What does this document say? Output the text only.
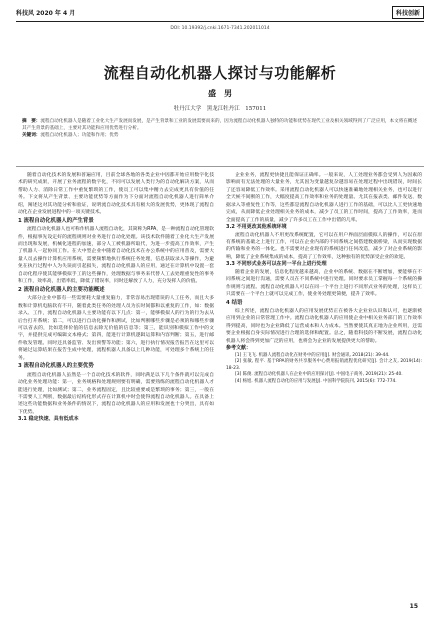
科技风 2020 年 4 月	科技创新
DOI: 10.19392/j.cnki.1671-7341.202011014
流程自动化机器人探讨与功能解析
盛　男
牡丹江大学　黑龙江牡丹江　157011
摘　要：流程自动化机器人是随着工业化大生产发展而发展，是产生背景和工业的发展需要而来的，因为流程自动化机器人独特的功能和优势在现代工业及相关领域得到了广泛应用，本文将在概述其产生背景的基础上，主要对其功能和应用优势进行分析。
关键词：流程自动化机器人；功能和作用；优势

随着自动化技术的发展和普遍应用，目前全球各地的各类企业中因都开始应用数字化技术的研究成果，开展了业务流程的数字化，不同可以发展人类行为的自动化解决方案，从而帮助人力、消除日常工作中重复繁琐的工作，使员工可以集中精力去完成更具有价值的任务。下文将从产生背景、主要功能优势等方面作为下分面对流程自动化机器人进行简单介绍，阐述这对其功能分析和验证，说明流自动化技术具有极大的发展优势，更体现了流程自动化在企业发展进程中的一项关键技术。

1 流程自动化机器人的产生背景

流程自动化机器人也可称作机器人流程自动化，其简称为RPA，是一种流程自动化管理软件，根据事先设定好的流程规则对业务进行自动化处理。该技术软件随着工业化大生产发展而出现和发展，机械化进程的加速，部分人工被机器所取代，为进一步提高工作效率，产生了机器人一起协同工作。在大中型企业中随着自动化技术在办公系统中的应用普及，需要大量人员去操作计算机应用系统，需要频繁地执行系统任务处理，信息获取录入等操作，为避免在执行过程中人为失误而引起损失，流程自动化机器人的应用，通过在计算机中设置一套自动化程序使其能够模拟手工的这些操作，处理数据与事务来代替人工去处理重复性的事务和工作，效率高，出错率低，降低了错误率，同时还解放了人力，充分发挥人的价值。

2 流程自动化机器人的主要功能概述

大部分企业中都有一些需要耗大量重复脑力，非常容易出现错误的人工任务，而且大多数和计算机电脑软有不开，随着此类任务的处理人员为长时间都和以重复的工作，如：数据录入、工作，流程自动化机器人主要功能有以下几点：第一，能够模拟人的行为的行为去从后台打开系统；第二，可以进行自动化操作和测试，比如判断哪些步骤是必须的和哪些步骤可以省去的，比如选择价值的信息去除无价值的信息等；第三，能识别和模拟工作中的文字，并提供完成可编辑文本格式；第四，能进行计算机逻辑运算和内容判断；第五，进行邮件收发管理。同时还具备监管、发出预警等功能；第六，进行执行情况报告报告在这里可以将通过运算结果在报告生成中处理，流程机器人具备以上几种功能，可处理多个系统上的任务。

3 流程自动化机器人的主要优势

流程自动化机器人虽然是一个自动化技术的软件，同时满足以下几个条件就可以完成自动化业务处理功能：第一，业务规格和处理规则要有明确，需要熟练的流程自动化机器人才能进行处理，比如测试；第二，业务流程固定，且比较重要或是繁琐的事务；第三，一般在不需要人工判断，数据最后结构化形式存在计算机中时会使得流程自动化机器人。在具备上述这些功能数据和业务条件的情况下，流程自动化机器人的应用和发展也十分突出，具有如下优势。

3.1 稳定快速、具有低成本

企业业务，流程更快捷且能保证正确率。一般来说，人工处理业务都会受到人为因素的影响而有无法处理的大量业务，尤其因为变量越复杂越容易在处理过程中出现错误，时间长了还容易降低工作效率。采用流程自动化机器人可以快速准确地处理相关业务，也可以进行全天候不间断的工作，大幅度提高工作效率和业务的处理量。尤其在报表类、邮件发送、数据录入等重复性工作等，这些都是流程自动化机器人进行工作的基础，可以比人工更快速地完成，从而降低企业处理相关业务的成本，减少了员工的工作时间，提高了工作效率，进而全面提高了工作的质量，减少了许多员工在工作中出错的几率。

3.2 不用更改其他系统环境

流程自动化机器人不用更改系统配置，它可以在用户界面层面模拟人的操作，可以在原有系统的基础之上进行工作，可以在企业内部的不同系统之间搭建数据桥梁，从而实现数据的传输和业务的一体化。也不需要对企业现有的系统进行任何改造，减少了对企业系统的影响，降低了企业系统集成的成本，提高了工作效率，这种独有的优势深受企业的欢迎。

3.3 不同形式业务可以在同一平台上进行处理

随着企业的发展，信息化程度越来越高，企业中的系统、数据在不断增加，要能够在不同系统之间进行沟通，需要人员在不同系统中进行处理。同时要求员工掌握每一个系统的操作规则与流程。流程自动化机器人可以在同一个平台上进行不同形式业务的处理，这样员工只需要在一个平台上就可以完成工作，使业务处理更简便，提升了效率。

4 结语

综上所述，流程自动化机器人的应用发展优势正在被各大企业业认识和认可，也逐渐被应用到企业的日常管理工作中。流程自动化机器人的应用使企业中相关业务部门的工作效率得到提高，同时也为企业降低了运营成本和人力成本。当然要使其真正地为企业所用，还需要企业根据自身实际情况进行合理的选择和配置。总之，随着科技的不断发展，流程自动化机器人将会得到更加广泛的应用，也将会为企业的发展提供更大的帮助。

参考文献：

[1] 王飞飞. 机器人流程自动化在财务中的应用[J]. 财会通讯, 2018(21): 39-44.

[2] 张敏, 程平. 基于RPA的财务共享服务中心费用报销流程优化研究[J]. 会计之友, 2019(14): 18-23.

[3] 陈俊. 流程自动化机器人在企业中的应用探讨[J]. 中国电子商务, 2019(21): 25-40.

[4] 杨旭. 机器人流程自动化的应用与发展[J]. 中国科学院院刊, 2015(6): 772-774.

15
